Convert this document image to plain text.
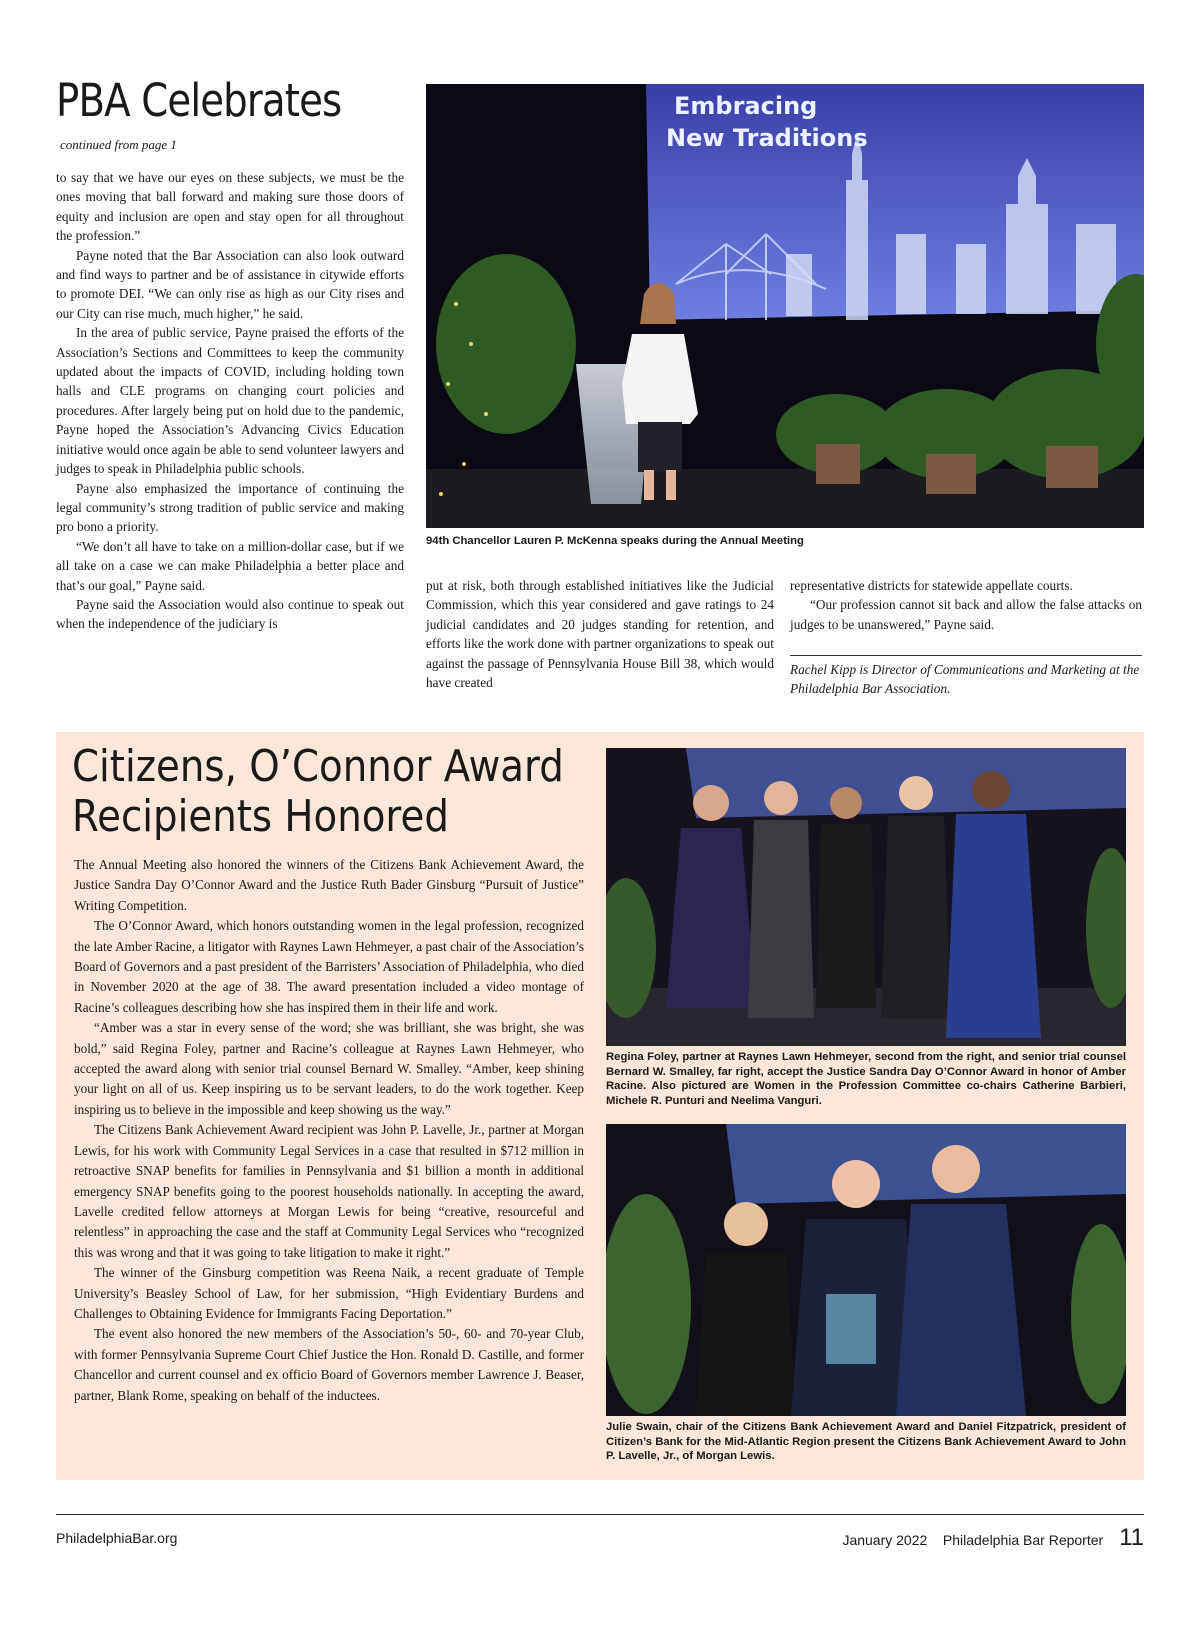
PBA Celebrates
continued from page 1

to say that we have our eyes on these subjects, we must be the ones moving that ball forward and making sure those doors of equity and inclusion are open and stay open for all throughout the profession.”

Payne noted that the Bar Association can also look outward and find ways to partner and be of assistance in citywide efforts to promote DEI. “We can only rise as high as our City rises and our City can rise much, much higher,” he said.

In the area of public service, Payne praised the efforts of the Association’s Sections and Committees to keep the community updated about the impacts of COVID, including holding town halls and CLE programs on changing court policies and procedures. After largely being put on hold due to the pandemic, Payne hoped the Association’s Advancing Civics Education initiative would once again be able to send volunteer lawyers and judges to speak in Philadelphia public schools.

Payne also emphasized the importance of continuing the legal community’s strong tradition of public service and making pro bono a priority.

“We don’t all have to take on a million-dollar case, but if we all take on a case we can make Philadelphia a better place and that’s our goal,” Payne said.

Payne said the Association would also continue to speak out when the independence of the judiciary is

Embracing
New Traditions
94th Chancellor Lauren P. McKenna speaks during the Annual Meeting

put at risk, both through established initiatives like the Judicial Commission, which this year considered and gave ratings to 24 judicial candidates and 20 judges standing for retention, and efforts like the work done with partner organizations to speak out against the passage of Pennsylvania House Bill 38, which would have created

representative districts for statewide appellate courts.

“Our profession cannot sit back and allow the false attacks on judges to be unanswered,” Payne said.

Rachel Kipp is Director of Communications and Marketing at the Philadelphia Bar Association.
Citizens, O’Connor Award
Recipients Honored

The Annual Meeting also honored the winners of the Citizens Bank Achievement Award, the Justice Sandra Day O’Connor Award and the Justice Ruth Bader Ginsburg “Pursuit of Justice” Writing Competition.

The O’Connor Award, which honors outstanding women in the legal profession, recognized the late Amber Racine, a litigator with Raynes Lawn Hehmeyer, a past chair of the Association’s Board of Governors and a past president of the Barristers’ Association of Philadelphia, who died in November 2020 at the age of 38. The award presentation included a video montage of Racine’s colleagues describing how she has inspired them in their life and work.

“Amber was a star in every sense of the word; she was brilliant, she was bright, she was bold,” said Regina Foley, partner and Racine’s colleague at Raynes Lawn Hehmeyer, who accepted the award along with senior trial counsel Bernard W. Smalley. “Amber, keep shining your light on all of us. Keep inspiring us to be servant leaders, to do the work together. Keep inspiring us to believe in the impossible and keep showing us the way.”

The Citizens Bank Achievement Award recipient was John P. Lavelle, Jr., partner at Morgan Lewis, for his work with Community Legal Services in a case that resulted in $712 million in retroactive SNAP benefits for families in Pennsylvania and $1 billion a month in additional emergency SNAP benefits going to the poorest households nationally. In accepting the award, Lavelle credited fellow attorneys at Morgan Lewis for being “creative, resourceful and relentless” in approaching the case and the staff at Community Legal Services who “recognized this was wrong and that it was going to take litigation to make it right.”

The winner of the Ginsburg competition was Reena Naik, a recent graduate of Temple University’s Beasley School of Law, for her submission, “High Evidentiary Burdens and Challenges to Obtaining Evidence for Immigrants Facing Deportation.”

The event also honored the new members of the Association’s 50-, 60- and 70-year Club, with former Pennsylvania Supreme Court Chief Justice the Hon. Ronald D. Castille, and former Chancellor and current counsel and ex officio Board of Governors member Lawrence J. Beaser, partner, Blank Rome, speaking on behalf of the inductees.

Regina Foley, partner at Raynes Lawn Hehmeyer, second from the right, and senior trial counsel Bernard W. Smalley, far right, accept the Justice Sandra Day O’Connor Award in honor of Amber Racine. Also pictured are Women in the Profession Committee co-chairs Catherine Barbieri, Michele R. Punturi and Neelima Vanguri.
Julie Swain, chair of the Citizens Bank Achievement Award and Daniel Fitzpatrick, president of Citizen’s Bank for the Mid-Atlantic Region present the Citizens Bank Achievement Award to John P. Lavelle, Jr., of Morgan Lewis.
PhiladelphiaBar.org	January 2022 Philadelphia Bar Reporter 11
